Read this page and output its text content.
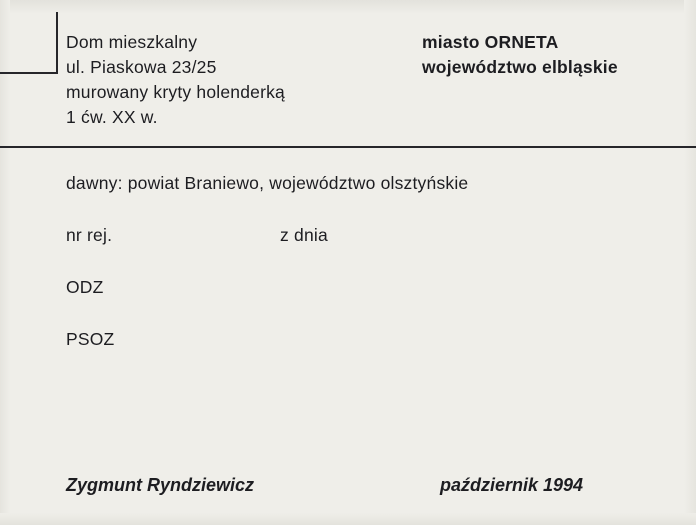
Dom mieszkalny
ul. Piaskowa 23/25
murowany kryty holenderką
1 ćw. XX w.
miasto ORNETA
województwo elbląskie
dawny: powiat Braniewo, województwo olsztyńskie
nr rej.	z dnia
ODZ
PSOZ
Zygmunt Ryndziewicz	październik 1994
